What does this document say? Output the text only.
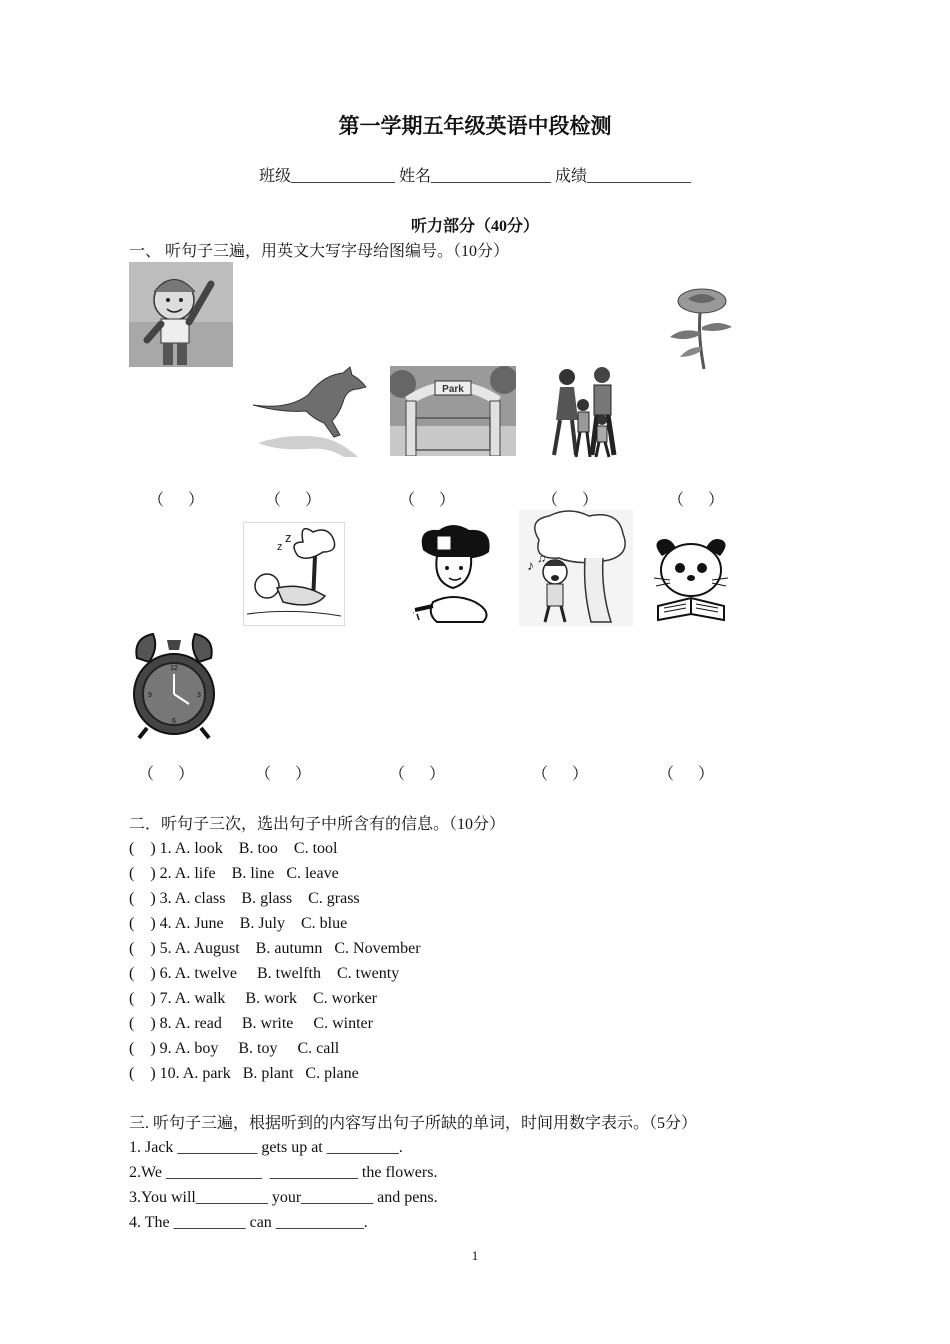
第一学期五年级英语中段检测
班级_____________ 姓名_______________ 成绩_____________
听力部分（40分）
一、 听句子三遍，用英文大写字母给图编号。（10分）
Park
（      ）	（      ）	（      ）	（      ）	（      ）
z
z
♪ ♫
12
3
6
9
（      ）	（      ）	（      ）	（      ）	（      ）
二．听句子三次，选出句子中所含有的信息。（10分）
(    ) 1. A. look    B. too    C. tool
(    ) 2. A. life    B. line   C. leave
(    ) 3. A. class    B. glass    C. grass
(    ) 4. A. June    B. July    C. blue
(    ) 5. A. August    B. autumn   C. November
(    ) 6. A. twelve     B. twelfth    C. twenty
(    ) 7. A. walk     B. work    C. worker
(    ) 8. A. read     B. write     C. winter
(    ) 9. A. boy     B. toy     C. call
(    ) 10. A. park   B. plant   C. plane
三. 听句子三遍，根据听到的内容写出句子所缺的单词，时间用数字表示。（5分）
1. Jack __________ gets up at _________.
2.We ____________  ___________ the flowers.
3.You will_________ your_________ and pens.
4. The _________ can ___________.
1
